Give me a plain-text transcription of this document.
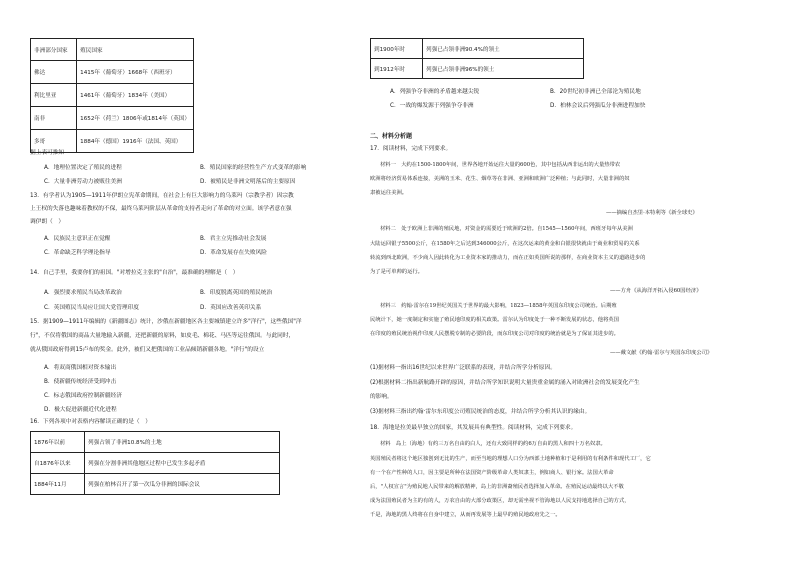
非洲部分国家	殖民国家
佛达	1415年（葡萄牙）1668年（西班牙）
利比里亚	1461年（葡萄牙）1834年（美国）
南非	1652年（荷兰）1806年或1814年（英国）
多哥	1884年（德国）1916年（法国、英国）
据上表可推知
A．地理位置决定了殖民的进程	B．殖民国家的经营性生产方式变革的影响
C．大量非洲劳动力被贩往美洲	D．被殖民是非洲文明落后的主要原因
13．有学者认为1905—1911年伊朗立宪革命期间，在社会上有巨大影响力的乌莱玛（宗教学者）因宗教
上王权的失落也趣味着教权的不保，最终乌莱玛阶层从革命的支持者走向了革命的对立面。该学者意在强
调伊朗（　）
A．民族民主意识正在觉醒	B．君主立宪推动社会发展
C．革命缺乏科学理论指导	D．革命发展存在失败风险
14．自己手里，我要你们的祖国。"对增拉克主张的"自治"，最准确的理解是（　）
A．强烈要求殖民当局改革政治	B．印度脱离英国的殖民统治
C．英国殖民当局应让国大党管理印度	D．英国应改善英印关系
15．据1909—1911年编辑的《新疆图志》统计，沙俄在新疆地区各主要城镇建立许多"洋行"，这些俄国"洋
行"，不仅将俄国的商品大量地输入新疆，还把新疆的原料，如皮毛、棉花、马匹等运往俄国。与此同时，
就从俄国政府得到15卢布的奖金。此外，被们又把俄国的工业品倾销新疆各地。"洋行"的设立
A．将双商俄国相对资本输出
B．使新疆传统经济受到冲击
C．标志俄国政府控制新疆经济
D．极大促进新疆近代化进程
16．下列各项中对表格内容解读正确的是（　）
1876年以前	列强占领了非洲10.8%的土地
自1876年以来	列强在分割非洲其他地区过程中已发生多起矛盾
1884年11月	列强在柏林召开了第一次瓜分非洲的国际会议
到1900年时	列强已占领非洲90.4%的领土
到1912年时	列强已占领非洲96%的领土
A．列强争夺非洲的矛盾越来越尖锐	B．20世纪初非洲已全部沦为殖民地
C．一战的爆发源于列强争夺非洲	D．柏林会议后列强瓜分非洲进程加快
二、材料分析题
17．阅读材料，完成下列要求。
材料一　大约在1500-1800年间，世界各地开始运往大量的600色，其中包括从西非运出的大量热带农
欧洲将经济贸易体系连接，美洲的玉米、花生、烟草等在非洲、亚洲和欧洲广泛种植；与此同时，大量非洲的奴
隶被运往美洲。
——摘编自杰里·本特利等《新全球史》
材料二　处于欧洲上非洲的殖民地，对资金的需要近于欧洲的2倍。自1545—1560年间，西班牙每年从美洲
大陆运回银子5500公斤，在1580年之后达到346000公斤，在这次运来的黄金和白银很快就由于商业和贸易的关系
转流到西北欧洲，不少商人因此转化为工业资本家的推动力，而在正如英国所说的那样，在商业资本主义的道路进步的
为了是可单帅的运行。
——方舟《从海洋开拓入侵60国经济》
材料三　约翰·雷尔在19世纪英国关于世界的最大影响，1823—1858年英国东印度公司统治。后期殖
民统计下，她一度制定和实施了殖民地印度的相关政策。雷尔认为印度处于一种不断发展的状态，他将英国
在印度的殖民统治视作印度人民摆脱专制的必要阶段，而东印度公司对印度的统治就是为了保证其进步的。
——戴文献《约翰·雷尔与英国东印度公司》
(1)据材料一指出16世纪以来世界广泛联系的表现，并结合所学分析原因。
(2)根据材料二指出新航路开辟的原因，并结合所学知识说明大量贵重金属的涌入对欧洲社会的发展变化产生
的影响。
(3)据材料三指出约翰·雷尔东印度公司殖民统治的态度，并结合所学分析其认识的缘由。
18．海地是拉美最早独立的国家，其发展具有典型性。阅读材料，完成下列要求。
材料　岛上（海地）有约三万名自由的白人，还有大致同样的约6万自由的黑人和四十万名奴隶。
英国殖民者将这个地区独创到无比的生产，而至当地的理想人口分为西部土地种植和于是利用的有利条件和现代工厂，它
有一个在产性种的人口，因主要是所种在法国资产阶级革命人类奴隶主，例如商人、银行家。法国大革命
后，"人权宣言"为殖民地人民带来的解放精神，岛上的非洲裔殖民者选择加入革命。在殖民运动最终以大不敬
成为法国殖民者为主的有的人，万农自由的大部分政策区，却无需坐视不管海地以人民支持地选择自己的方式，
千是，海地的黑人终将在自身中建立，从而再发展等上最早的殖民地政府先之一。
